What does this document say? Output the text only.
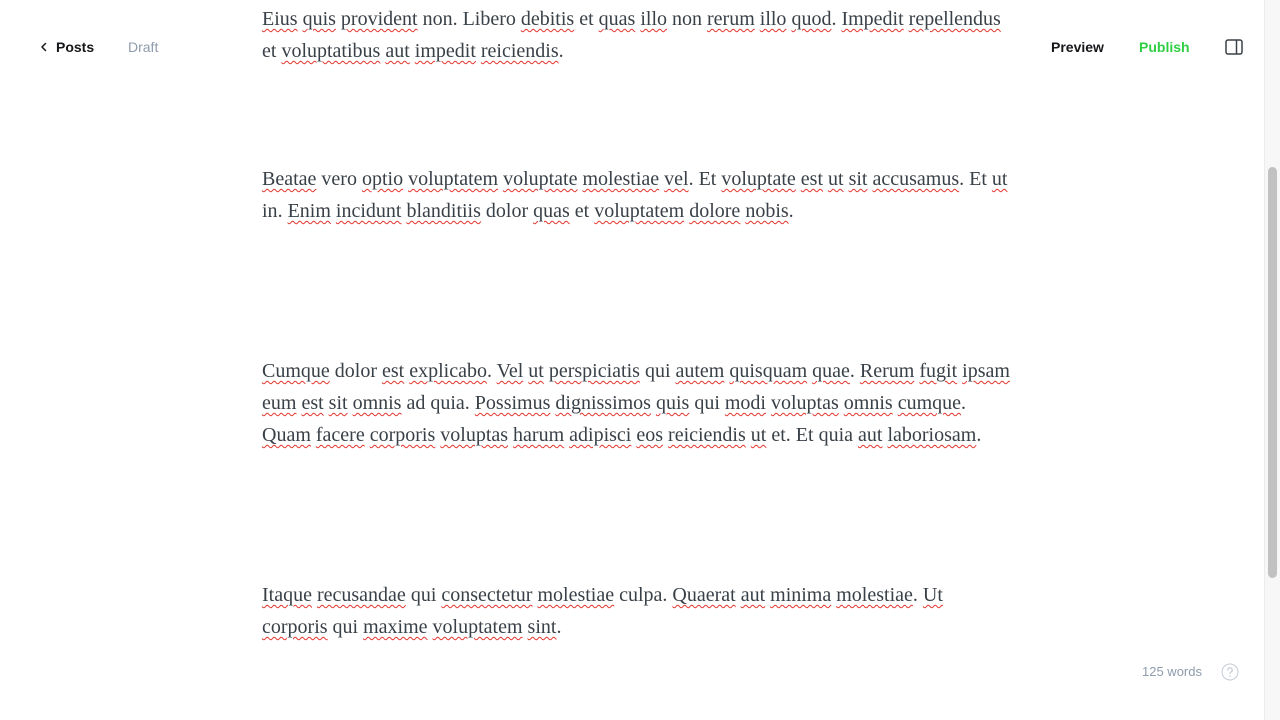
Posts Draft	Preview	Publish

Eius quis provident non. Libero debitis et quas illo non rerum illo quod. Impedit repellendus et voluptatibus aut impedit reiciendis.

Beatae vero optio voluptatem voluptate molestiae vel. Et voluptate est ut sit accusamus. Et ut in. Enim incidunt blanditiis dolor quas et voluptatem dolore nobis.

Cumque dolor est explicabo. Vel ut perspiciatis qui autem quisquam quae. Rerum fugit ipsam eum est sit omnis ad quia. Possimus dignissimos quis qui modi voluptas omnis cumque. Quam facere corporis voluptas harum adipisci eos reiciendis ut et. Et quia aut laboriosam.

Itaque recusandae qui consectetur molestiae culpa. Quaerat aut minima molestiae. Ut corporis qui maxime voluptatem sint.

125 words
